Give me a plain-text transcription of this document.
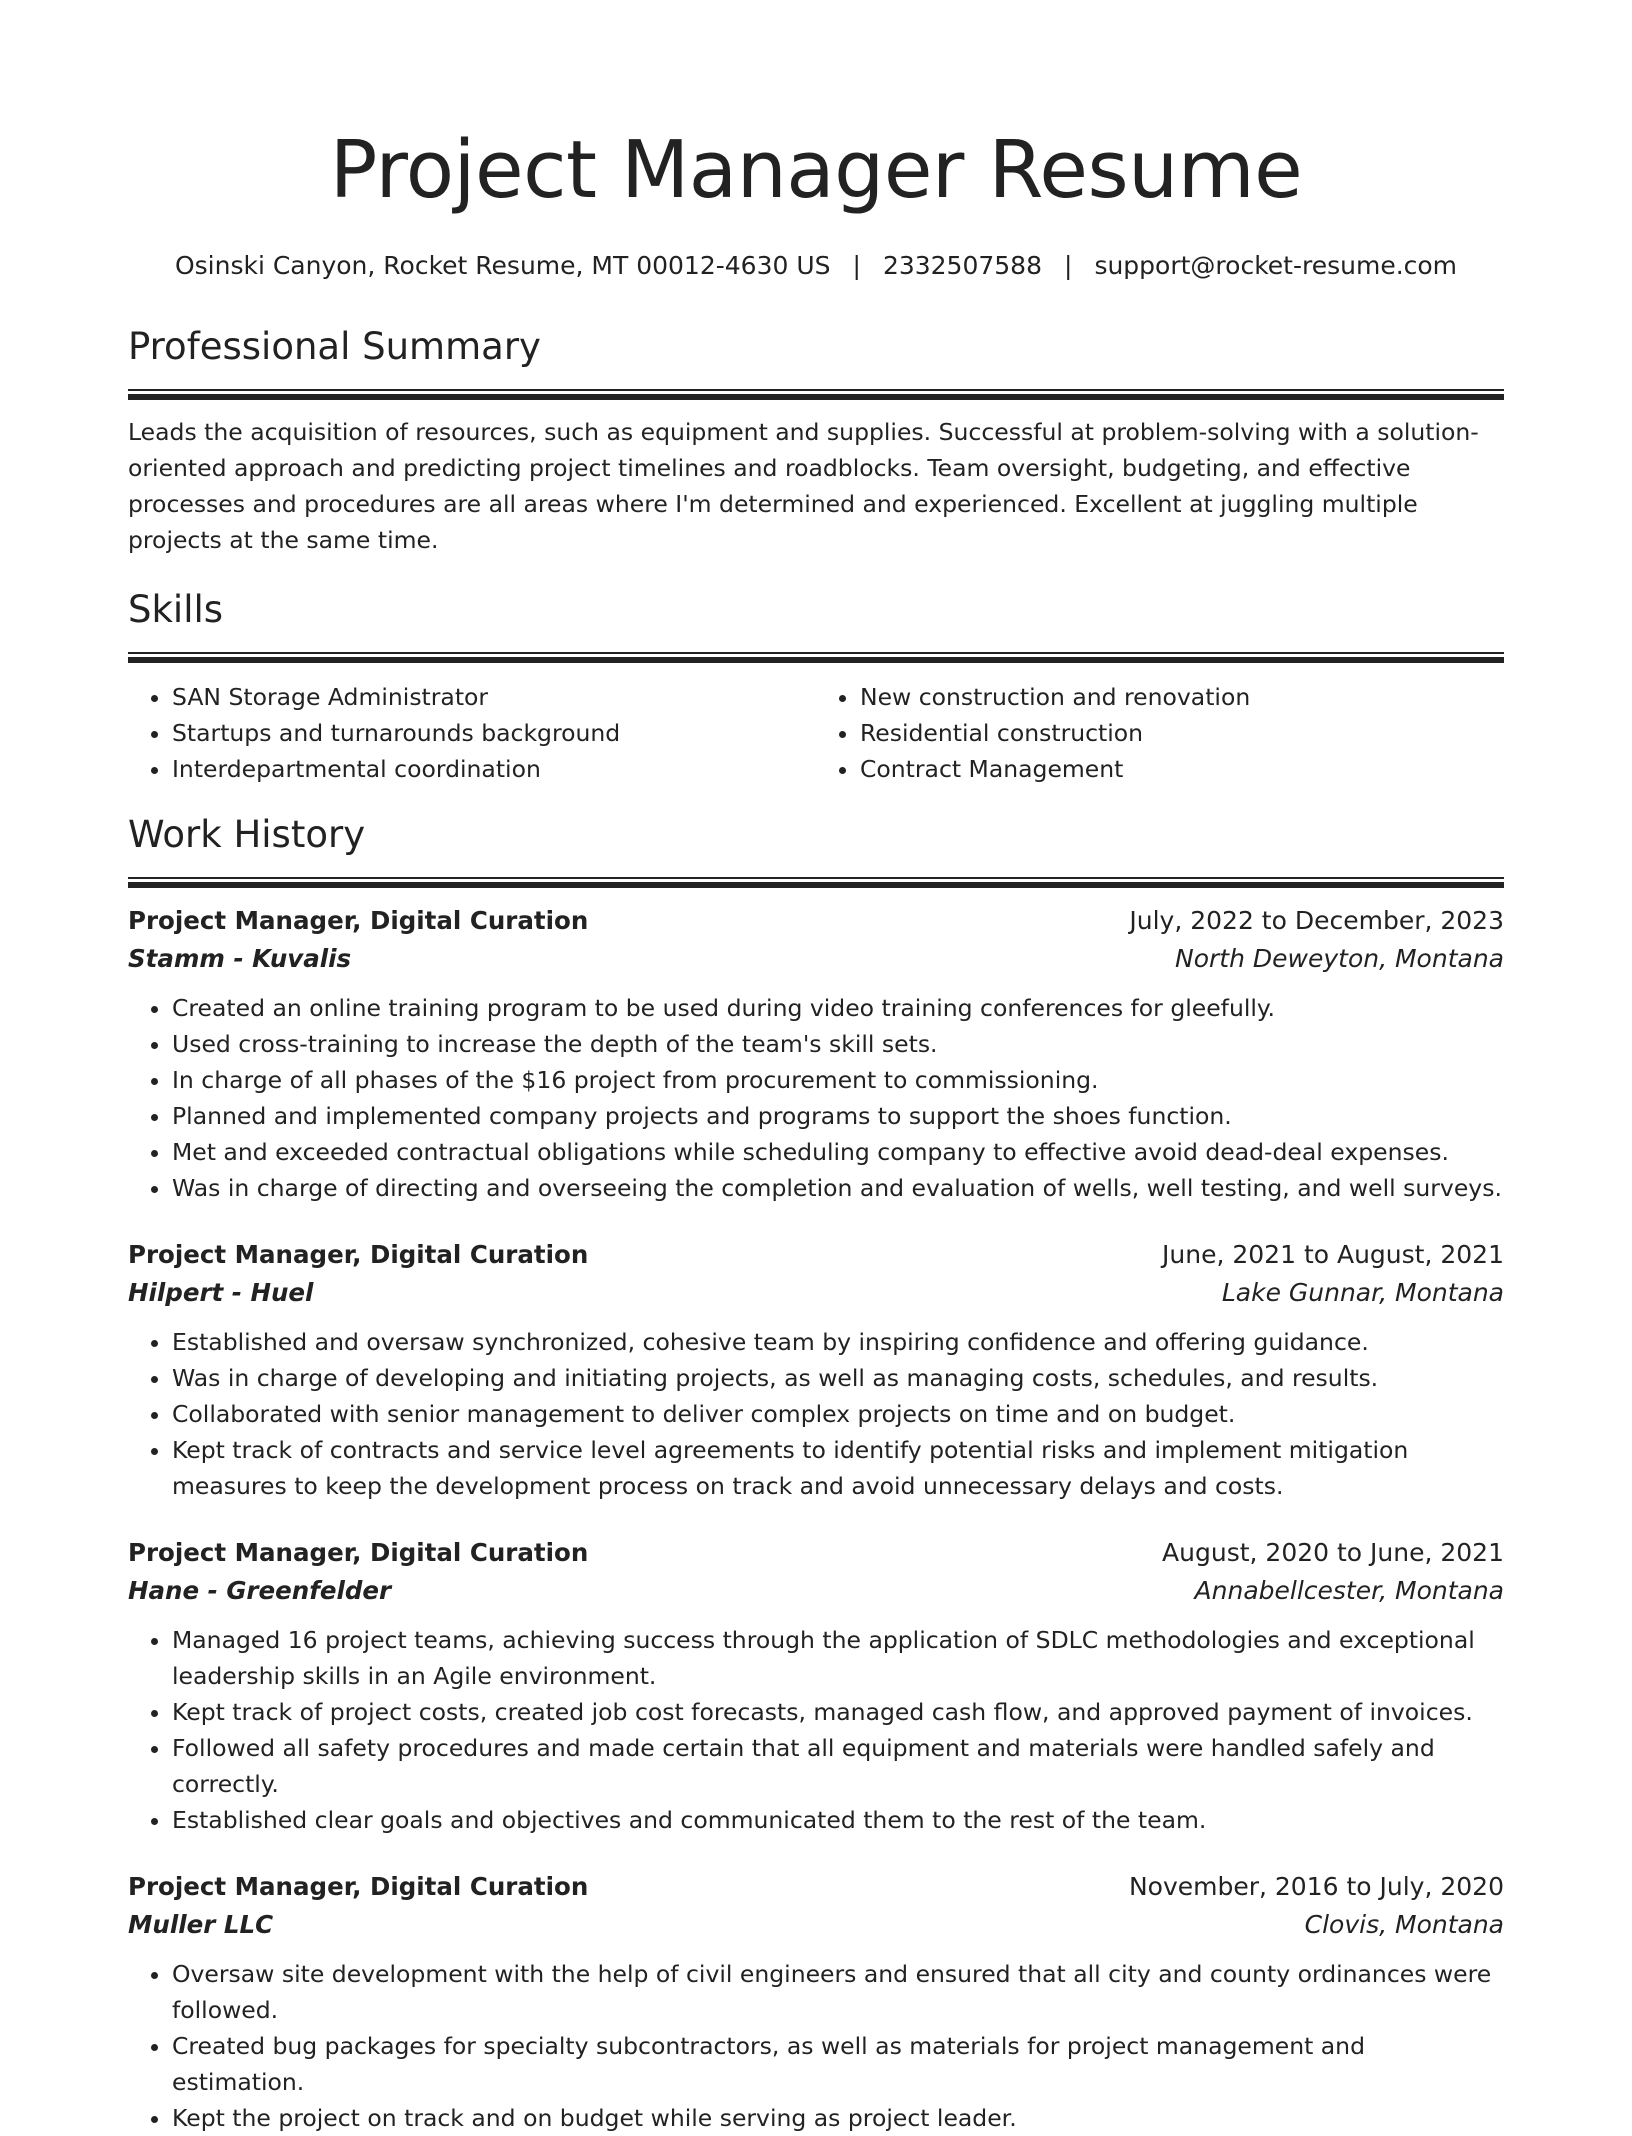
Project Manager Resume
Osinski Canyon, Rocket Resume, MT 00012-4630 US | 2332507588 | support@rocket-resume.com
Professional Summary
Leads the acquisition of resources, such as equipment and supplies. Successful at problem-solving with a solution-oriented approach and predicting project timelines and roadblocks. Team oversight, budgeting, and effective processes and procedures are all areas where I'm determined and experienced. Excellent at juggling multiple projects at the same time.
Skills
• SAN Storage Administrator
• Startups and turnarounds background
• Interdepartmental coordination
• New construction and renovation
• Residential construction
• Contract Management
Work History
Project Manager, Digital Curation	July, 2022 to December, 2023
Stamm - Kuvalis	North Deweyton, Montana
• Created an online training program to be used during video training conferences for gleefully.
• Used cross-training to increase the depth of the team's skill sets.
• In charge of all phases of the $16 project from procurement to commissioning.
• Planned and implemented company projects and programs to support the shoes function.
• Met and exceeded contractual obligations while scheduling company to effective avoid dead-deal expenses.
• Was in charge of directing and overseeing the completion and evaluation of wells, well testing, and well surveys.
Project Manager, Digital Curation	June, 2021 to August, 2021
Hilpert - Huel	Lake Gunnar, Montana
• Established and oversaw synchronized, cohesive team by inspiring confidence and offering guidance.
• Was in charge of developing and initiating projects, as well as managing costs, schedules, and results.
• Collaborated with senior management to deliver complex projects on time and on budget.
• Kept track of contracts and service level agreements to identify potential risks and implement mitigation measures to keep the development process on track and avoid unnecessary delays and costs.
Project Manager, Digital Curation	August, 2020 to June, 2021
Hane - Greenfelder	Annabellcester, Montana
• Managed 16 project teams, achieving success through the application of SDLC methodologies and exceptional leadership skills in an Agile environment.
• Kept track of project costs, created job cost forecasts, managed cash flow, and approved payment of invoices.
• Followed all safety procedures and made certain that all equipment and materials were handled safely and correctly.
• Established clear goals and objectives and communicated them to the rest of the team.
Project Manager, Digital Curation	November, 2016 to July, 2020
Muller LLC	Clovis, Montana
• Oversaw site development with the help of civil engineers and ensured that all city and county ordinances were followed.
• Created bug packages for specialty subcontractors, as well as materials for project management and estimation.
• Kept the project on track and on budget while serving as project leader.
